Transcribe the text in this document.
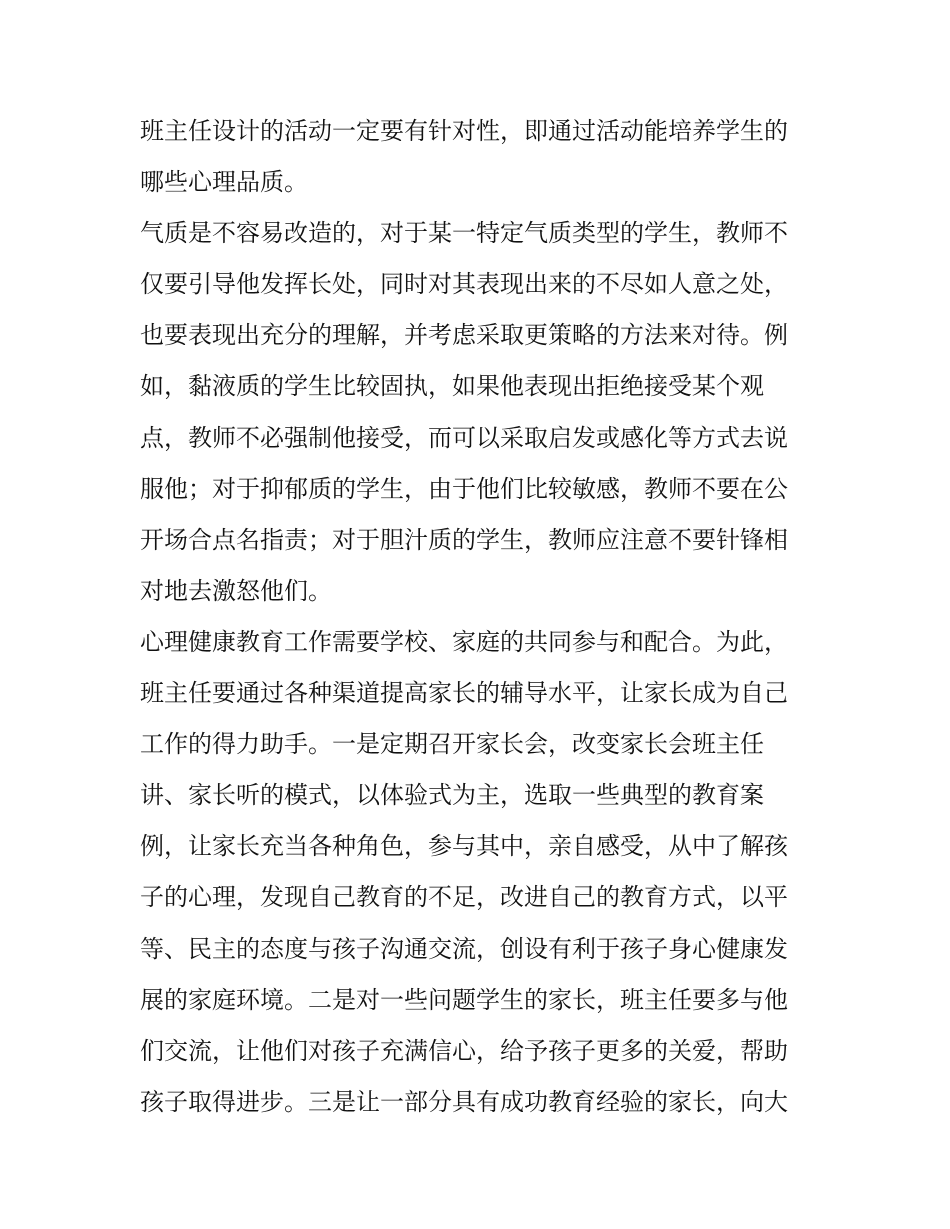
班主任设计的活动一定要有针对性，即通过活动能培养学生的
哪些心理品质。
气质是不容易改造的，对于某一特定气质类型的学生，教师不
仅要引导他发挥长处，同时对其表现出来的不尽如人意之处，
也要表现出充分的理解，并考虑采取更策略的方法来对待。例
如，黏液质的学生比较固执，如果他表现出拒绝接受某个观
点，教师不必强制他接受，而可以采取启发或感化等方式去说
服他；对于抑郁质的学生，由于他们比较敏感，教师不要在公
开场合点名指责；对于胆汁质的学生，教师应注意不要针锋相
对地去激怒他们。
心理健康教育工作需要学校、家庭的共同参与和配合。为此，
班主任要通过各种渠道提高家长的辅导水平，让家长成为自己
工作的得力助手。一是定期召开家长会，改变家长会班主任
讲、家长听的模式，以体验式为主，选取一些典型的教育案
例，让家长充当各种角色，参与其中，亲自感受，从中了解孩
子的心理，发现自己教育的不足，改进自己的教育方式，以平
等、民主的态度与孩子沟通交流，创设有利于孩子身心健康发
展的家庭环境。二是对一些问题学生的家长，班主任要多与他
们交流，让他们对孩子充满信心，给予孩子更多的关爱，帮助
孩子取得进步。三是让一部分具有成功教育经验的家长，向大
